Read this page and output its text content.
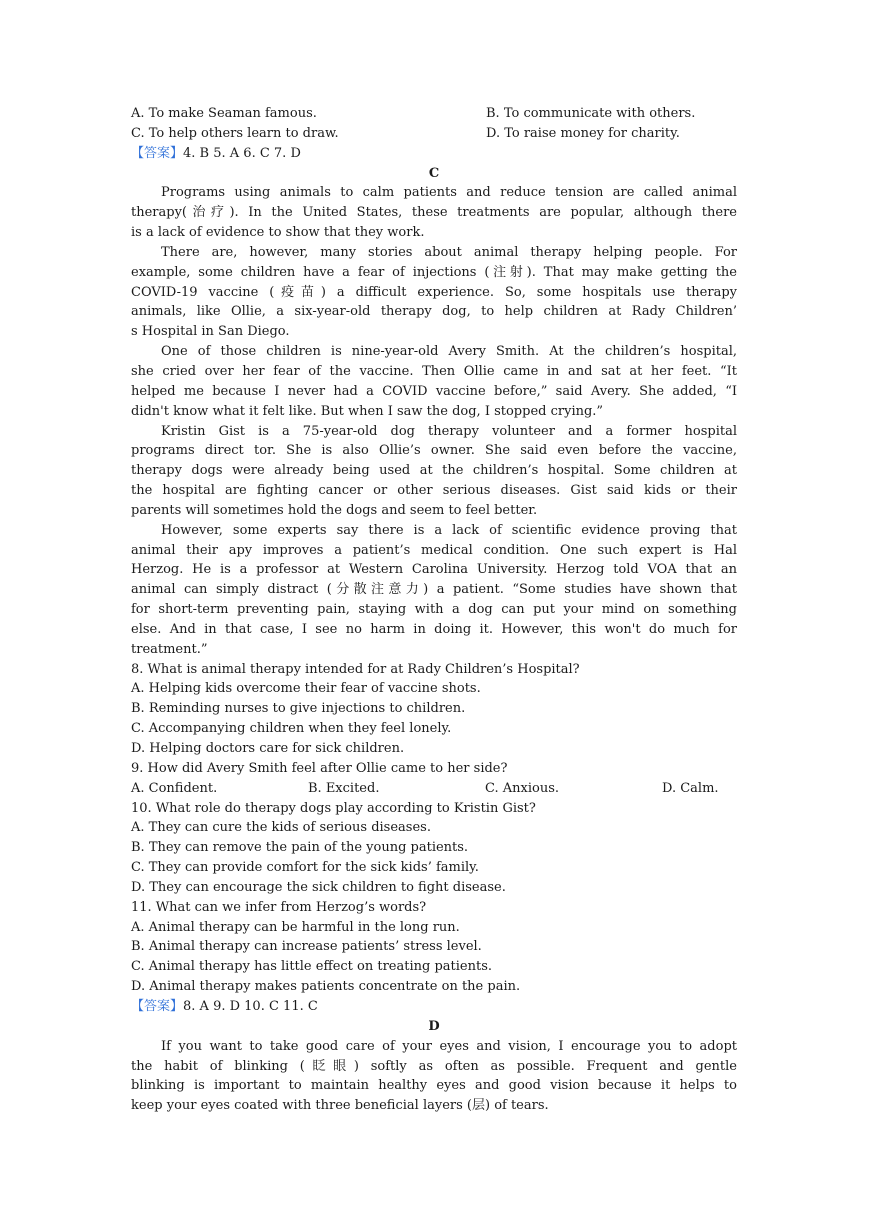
A. To make Seaman famous.	B. To communicate with others.
C. To help others learn to draw.	D. To raise money for charity.
【答案】4. B 5. A 6. C 7. D
C
Programs using animals to calm patients and reduce tension are called animal
therapy(治疗). In the United States, these treatments are popular, although there
is a lack of evidence to show that they work.
There are, however, many stories about animal therapy helping people. For
example, some children have a fear of injections (注射). That may make getting the
COVID-19 vaccine (疫苗) a difficult experience. So, some hospitals use therapy
animals, like Ollie, a six-year-old therapy dog, to help children at Rady Children’
s Hospital in San Diego.
One of those children is nine-year-old Avery Smith. At the children’s hospital,
she cried over her fear of the vaccine. Then Ollie came in and sat at her feet. “It
helped me because I never had a COVID vaccine before,” said Avery. She added, “I
didn't know what it felt like. But when I saw the dog, I stopped crying.”
Kristin Gist is a 75-year-old dog therapy volunteer and a former hospital
programs direct tor. She is also Ollie’s owner. She said even before the vaccine,
therapy dogs were already being used at the children’s hospital. Some children at
the hospital are fighting cancer or other serious diseases. Gist said kids or their
parents will sometimes hold the dogs and seem to feel better.
However, some experts say there is a lack of scientific evidence proving that
animal their apy improves a patient’s medical condition. One such expert is Hal
Herzog. He is a professor at Western Carolina University. Herzog told VOA that an
animal can simply distract (分散注意力) a patient. “Some studies have shown that
for short-term preventing pain, staying with a dog can put your mind on something
else. And in that case, I see no harm in doing it. However, this won't do much for
treatment.”
8. What is animal therapy intended for at Rady Children’s Hospital?
A. Helping kids overcome their fear of vaccine shots.
B. Reminding nurses to give injections to children.
C. Accompanying children when they feel lonely.
D. Helping doctors care for sick children.
9. How did Avery Smith feel after Ollie came to her side?
A. Confident.	B. Excited.	C. Anxious.	D. Calm.
10. What role do therapy dogs play according to Kristin Gist?
A. They can cure the kids of serious diseases.
B. They can remove the pain of the young patients.
C. They can provide comfort for the sick kids’ family.
D. They can encourage the sick children to fight disease.
11. What can we infer from Herzog’s words?
A. Animal therapy can be harmful in the long run.
B. Animal therapy can increase patients’ stress level.
C. Animal therapy has little effect on treating patients.
D. Animal therapy makes patients concentrate on the pain.
【答案】8. A 9. D 10. C 11. C
D
If you want to take good care of your eyes and vision, I encourage you to adopt
the habit of blinking (眨眼) softly as often as possible. Frequent and gentle
blinking is important to maintain healthy eyes and good vision because it helps to
keep your eyes coated with three beneficial layers (层) of tears.
